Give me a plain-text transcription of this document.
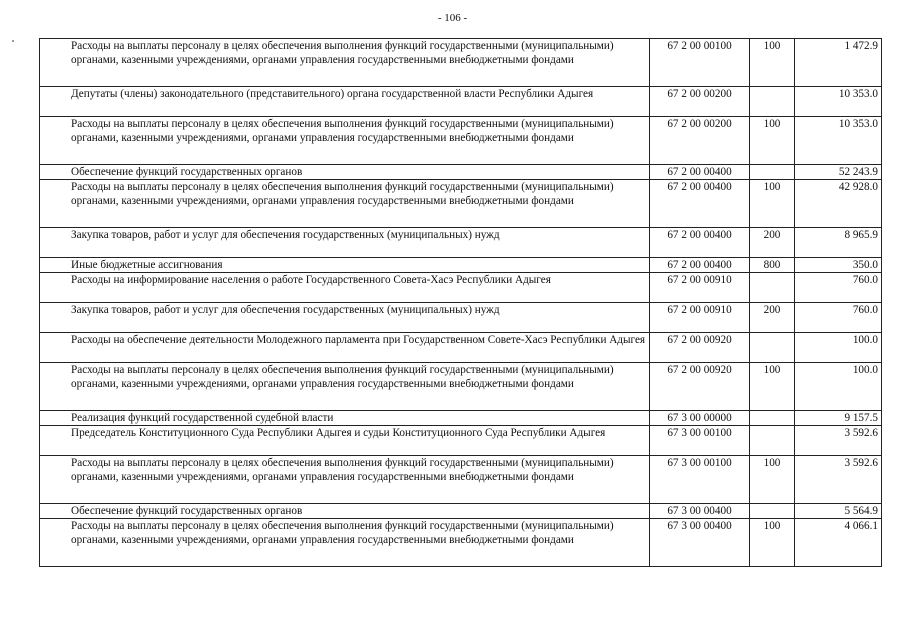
- 106 -
Расходы на выплаты персоналу в целях обеспечения выполнения функций государственными (муниципальными) органами, казенными учреждениями, органами управления государственными внебюджетными фондами	67 2 00 00100	100	1 472.9
Депутаты (члены) законодательного (представительного) органа государственной власти Республики Адыгея	67 2 00 00200		10 353.0
Расходы на выплаты персоналу в целях обеспечения выполнения функций государственными (муниципальными) органами, казенными учреждениями, органами управления государственными внебюджетными фондами	67 2 00 00200	100	10 353.0
Обеспечение функций государственных органов	67 2 00 00400		52 243.9
Расходы на выплаты персоналу в целях обеспечения выполнения функций государственными (муниципальными) органами, казенными учреждениями, органами управления государственными внебюджетными фондами	67 2 00 00400	100	42 928.0
Закупка товаров, работ и услуг для обеспечения государственных (муниципальных) нужд	67 2 00 00400	200	8 965.9
Иные бюджетные ассигнования	67 2 00 00400	800	350.0
Расходы на информирование населения о работе Государственного Совета-Хасэ Республики Адыгея	67 2 00 00910		760.0
Закупка товаров, работ и услуг для обеспечения государственных (муниципальных) нужд	67 2 00 00910	200	760.0
Расходы на обеспечение деятельности Молодежного парламента при Государственном Совете-Хасэ Республики Адыгея	67 2 00 00920		100.0
Расходы на выплаты персоналу в целях обеспечения выполнения функций государственными (муниципальными) органами, казенными учреждениями, органами управления государственными внебюджетными фондами	67 2 00 00920	100	100.0
Реализация функций государственной судебной власти	67 3 00 00000		9 157.5
Председатель Конституционного Суда Республики Адыгея и судьи Конституционного Суда Республики Адыгея	67 3 00 00100		3 592.6
Расходы на выплаты персоналу в целях обеспечения выполнения функций государственными (муниципальными) органами, казенными учреждениями, органами управления государственными внебюджетными фондами	67 3 00 00100	100	3 592.6
Обеспечение функций государственных органов	67 3 00 00400		5 564.9
Расходы на выплаты персоналу в целях обеспечения выполнения функций государственными (муниципальными) органами, казенными учреждениями, органами управления государственными внебюджетными фондами	67 3 00 00400	100	4 066.1
